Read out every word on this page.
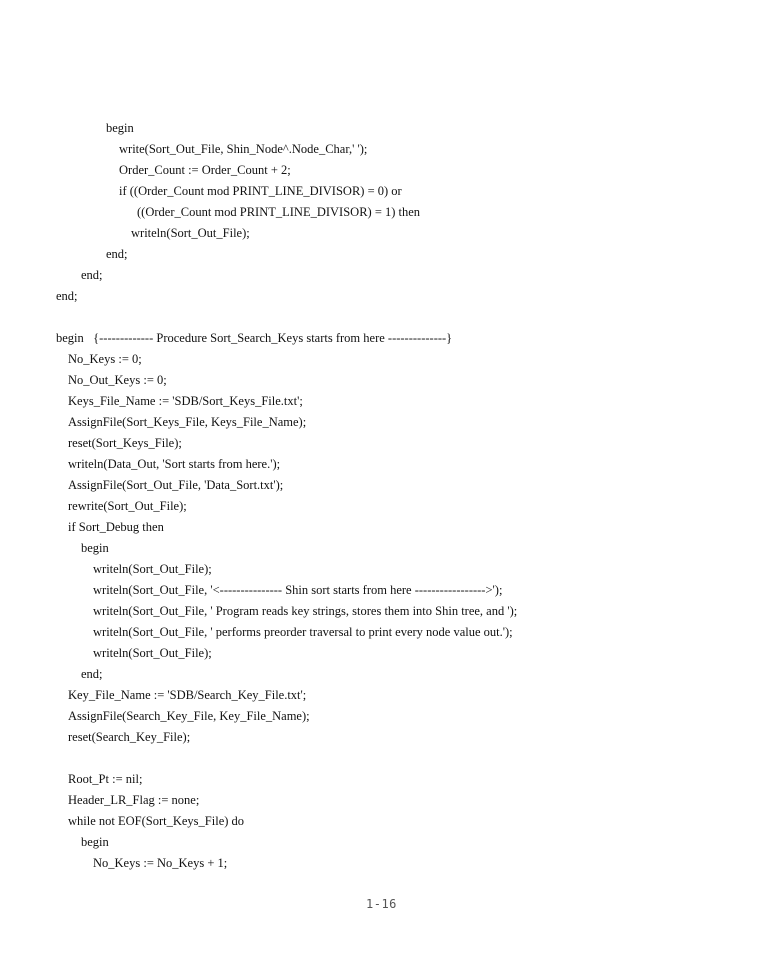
begin
write(Sort_Out_File, Shin_Node^.Node_Char,' ');
Order_Count := Order_Count + 2;
if ((Order_Count mod PRINT_LINE_DIVISOR) = 0) or
((Order_Count mod PRINT_LINE_DIVISOR) = 1) then
writeln(Sort_Out_File);
end;
end;
end;
begin   {------------- Procedure Sort_Search_Keys starts from here --------------}
No_Keys := 0;
No_Out_Keys := 0;
Keys_File_Name := 'SDB/Sort_Keys_File.txt';
AssignFile(Sort_Keys_File, Keys_File_Name);
reset(Sort_Keys_File);
writeln(Data_Out, 'Sort starts from here.');
AssignFile(Sort_Out_File, 'Data_Sort.txt');
rewrite(Sort_Out_File);
if Sort_Debug then
begin
writeln(Sort_Out_File);
writeln(Sort_Out_File, '<--------------- Shin sort starts from here ----------------->');
writeln(Sort_Out_File, ' Program reads key strings, stores them into Shin tree, and ');
writeln(Sort_Out_File, ' performs preorder traversal to print every node value out.');
writeln(Sort_Out_File);
end;
Key_File_Name := 'SDB/Search_Key_File.txt';
AssignFile(Search_Key_File, Key_File_Name);
reset(Search_Key_File);
Root_Pt := nil;
Header_LR_Flag := none;
while not EOF(Sort_Keys_File) do
begin
No_Keys := No_Keys + 1;
1-16
